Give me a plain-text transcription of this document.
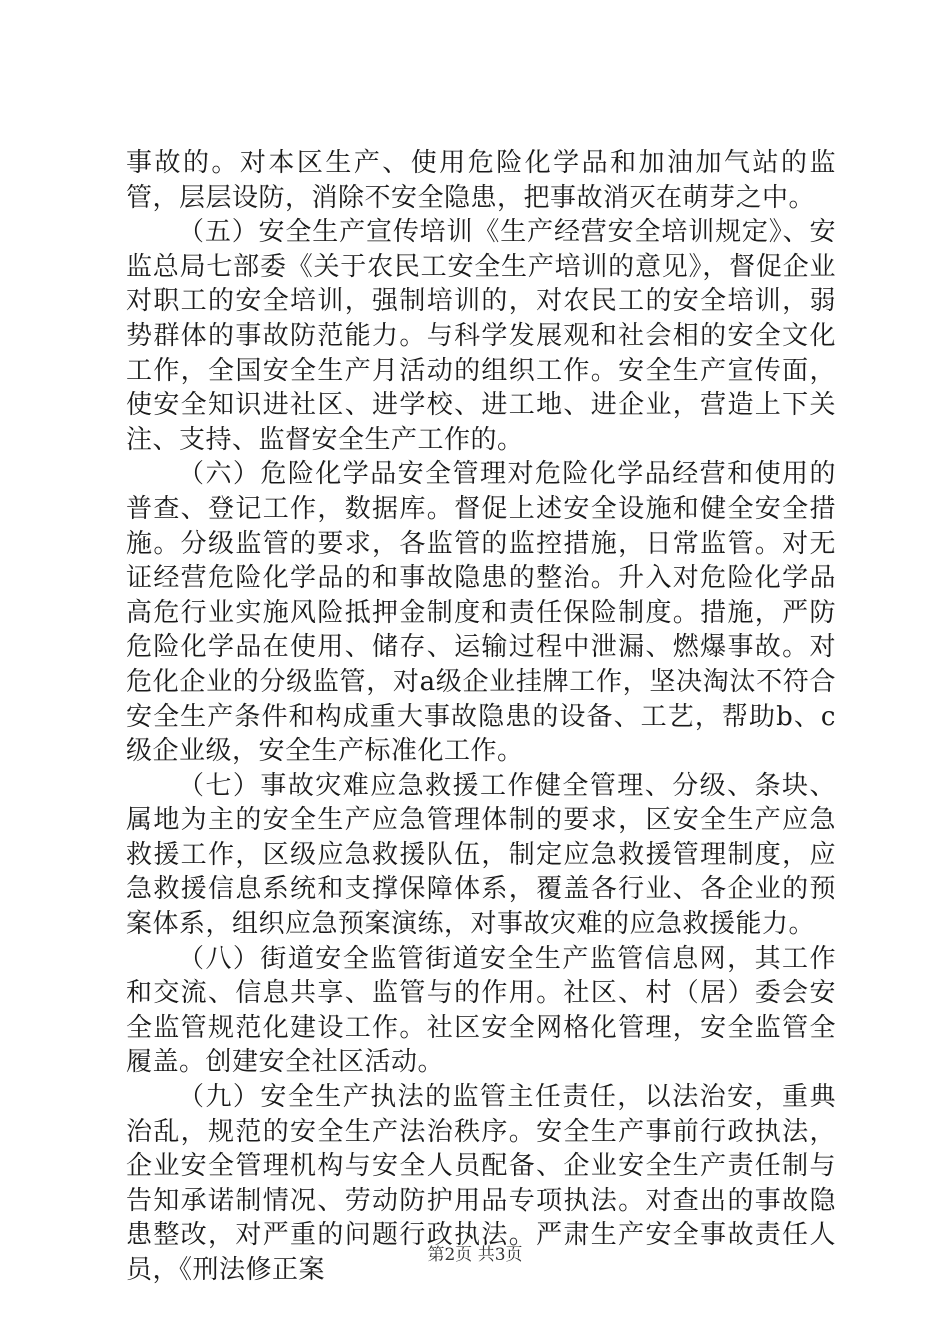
事故的。对本区生产、使用危险化学品和加油加气站的监管，层层设防，消除不安全隐患，把事故消灭在萌芽之中。

（五）安全生产宣传培训《生产经营安全培训规定》、安监总局七部委《关于农民工安全生产培训的意见》，督促企业对职工的安全培训，强制培训的，对农民工的安全培训，弱势群体的事故防范能力。与科学发展观和社会相的安全文化工作，全国安全生产月活动的组织工作。安全生产宣传面，使安全知识进社区、进学校、进工地、进企业，营造上下关注、支持、监督安全生产工作的。

（六）危险化学品安全管理对危险化学品经营和使用的普查、登记工作，数据库。督促上述安全设施和健全安全措施。分级监管的要求，各监管的监控措施，日常监管。对无证经营危险化学品的和事故隐患的整治。升入对危险化学品高危行业实施风险抵押金制度和责任保险制度。措施，严防危险化学品在使用、储存、运输过程中泄漏、燃爆事故。对危化企业的分级监管，对a级企业挂牌工作，坚决淘汰不符合安全生产条件和构成重大事故隐患的设备、工艺，帮助b、c级企业级，安全生产标准化工作。

（七）事故灾难应急救援工作健全管理、分级、条块、属地为主的安全生产应急管理体制的要求，区安全生产应急救援工作，区级应急救援队伍，制定应急救援管理制度，应急救援信息系统和支撑保障体系，覆盖各行业、各企业的预案体系，组织应急预案演练，对事故灾难的应急救援能力。

（八）街道安全监管街道安全生产监管信息网，其工作和交流、信息共享、监管与的作用。社区、村（居）委会安全监管规范化建设工作。社区安全网格化管理，安全监管全履盖。创建安全社区活动。

（九）安全生产执法的监管主任责任，以法治安，重典治乱，规范的安全生产法治秩序。安全生产事前行政执法，企业安全管理机构与安全人员配备、企业安全生产责任制与告知承诺制情况、劳动防护用品专项执法。对查出的事故隐患整改，对严重的问题行政执法。严肃生产安全事故责任人员，《刑法修正案	第2页 共3页
